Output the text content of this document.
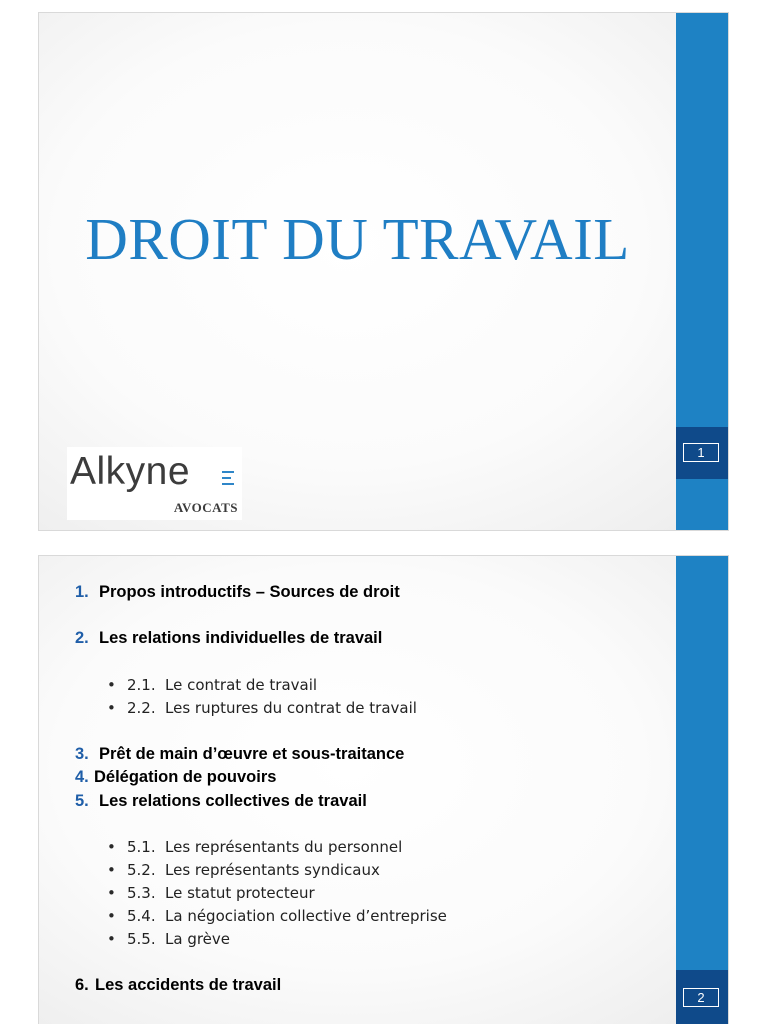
DROIT DU TRAVAIL
Alkyne
AVOCATS
1
1. Propos introductifs – Sources de droit
2. Les relations individuelles de travail
• 2.1. Le contrat de travail
• 2.2. Les ruptures du contrat de travail
3. Prêt de main d’œuvre et sous-traitance
4. Délégation de pouvoirs
5. Les relations collectives de travail
• 5.1. Les représentants du personnel
• 5.2. Les représentants syndicaux
• 5.3. Le statut protecteur
• 5.4. La négociation collective d’entreprise
• 5.5. La grève
6. Les accidents de travail
2
